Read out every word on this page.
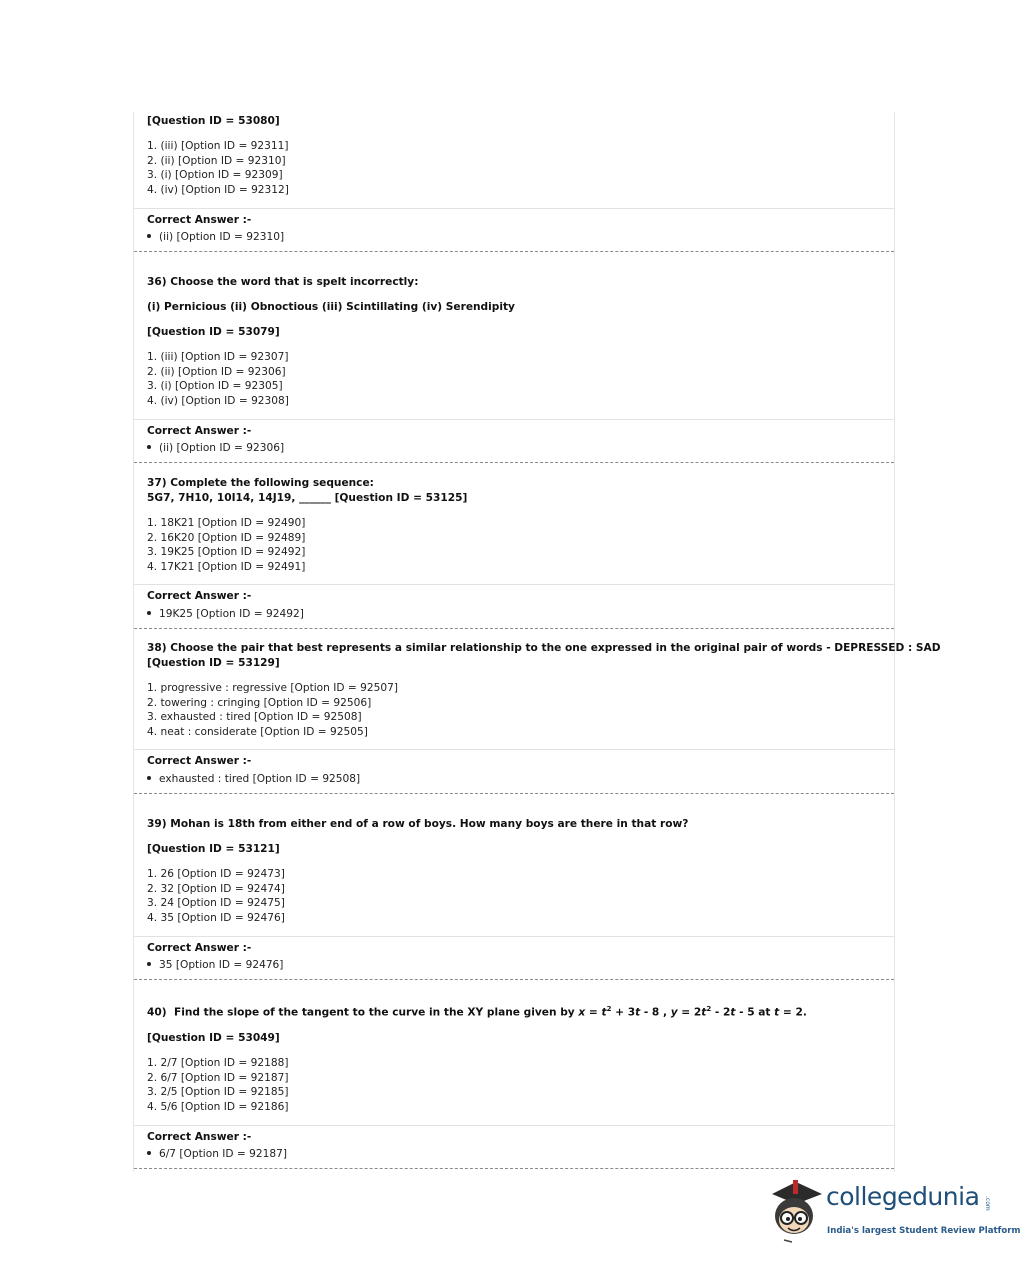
[Question ID = 53080]
1. (iii) [Option ID = 92311]
2. (ii) [Option ID = 92310]
3. (i) [Option ID = 92309]
4. (iv) [Option ID = 92312]
Correct Answer :-
(ii) [Option ID = 92310]
36) Choose the word that is spelt incorrectly:
(i) Pernicious (ii) Obnoctious (iii) Scintillating (iv) Serendipity
[Question ID = 53079]
1. (iii) [Option ID = 92307]
2. (ii) [Option ID = 92306]
3. (i) [Option ID = 92305]
4. (iv) [Option ID = 92308]
Correct Answer :-
(ii) [Option ID = 92306]
37) Complete the following sequence:
5G7, 7H10, 10I14, 14J19, ______ [Question ID = 53125]
1. 18K21 [Option ID = 92490]
2. 16K20 [Option ID = 92489]
3. 19K25 [Option ID = 92492]
4. 17K21 [Option ID = 92491]
Correct Answer :-
19K25 [Option ID = 92492]
38) Choose the pair that best represents a similar relationship to the one expressed in the original pair of words - DEPRESSED : SAD
[Question ID = 53129]
1. progressive : regressive [Option ID = 92507]
2. towering : cringing [Option ID = 92506]
3. exhausted : tired [Option ID = 92508]
4. neat : considerate [Option ID = 92505]
Correct Answer :-
exhausted : tired [Option ID = 92508]
39) Mohan is 18th from either end of a row of boys. How many boys are there in that row?
[Question ID = 53121]
1. 26 [Option ID = 92473]
2. 32 [Option ID = 92474]
3. 24 [Option ID = 92475]
4. 35 [Option ID = 92476]
Correct Answer :-
35 [Option ID = 92476]
40) Find the slope of the tangent to the curve in the XY plane given by $x = t^2 + 3t - 8$ , $y = 2t^2 - 2t - 5$ at t = 2.
[Question ID = 53049]
1. 2/7 [Option ID = 92188]
2. 6/7 [Option ID = 92187]
3. 2/5 [Option ID = 92185]
4. 5/6 [Option ID = 92186]
Correct Answer :-
6/7 [Option ID = 92187]
collegedunia .com
India's largest Student Review Platform
